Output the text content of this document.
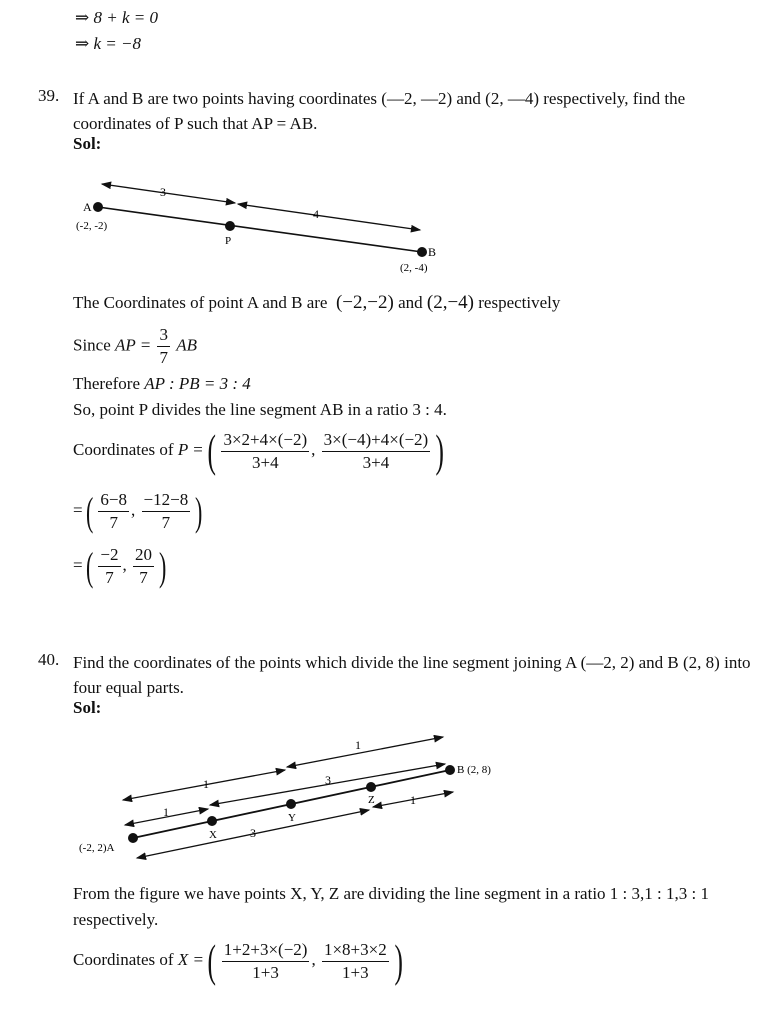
⇒ 8 + k = 0
⇒ k = −8
39. If A and B are two points having coordinates (—2, —2) and (2, —4) respectively, find the coordinates of P such that AP = AB.
Sol:
3
4
A
(-2, -2)
P
B
(2, -4)
The Coordinates of point A and B are (−2,−2) and (2,−4) respectively
Since AP = $\frac{3}{7}$ AB
Therefore AP : PB = 3 : 4
So, point P divides the line segment AB in a ratio 3 : 4.
Coordinates of P = ( $\frac{3\times 2+4\times(-2)}{3+4}$ , $\frac{3\times(-4)+4\times(-2)}{3+4}$ )
= ( $\frac{6-8}{7}$ , $\frac{-12-8}{7}$ )
= ( $\frac{-2}{7}$ , $\frac{20}{7}$ )
40. Find the coordinates of the points which divide the line segment joining A (—2, 2) and B (2, 8) into four equal parts.
Sol:
1
1	3
1
1
3
(-2, 2)A
B (2, 8)
X
Y
Z
From the figure we have points X, Y, Z are dividing the line segment in a ratio 1 : 3,1 : 1,3 : 1
respectively.
Coordinates of X = ( $\frac{1+2+3\times(-2)}{1+3}$ , $\frac{1\times 8+3\times 2}{1+3}$ )
